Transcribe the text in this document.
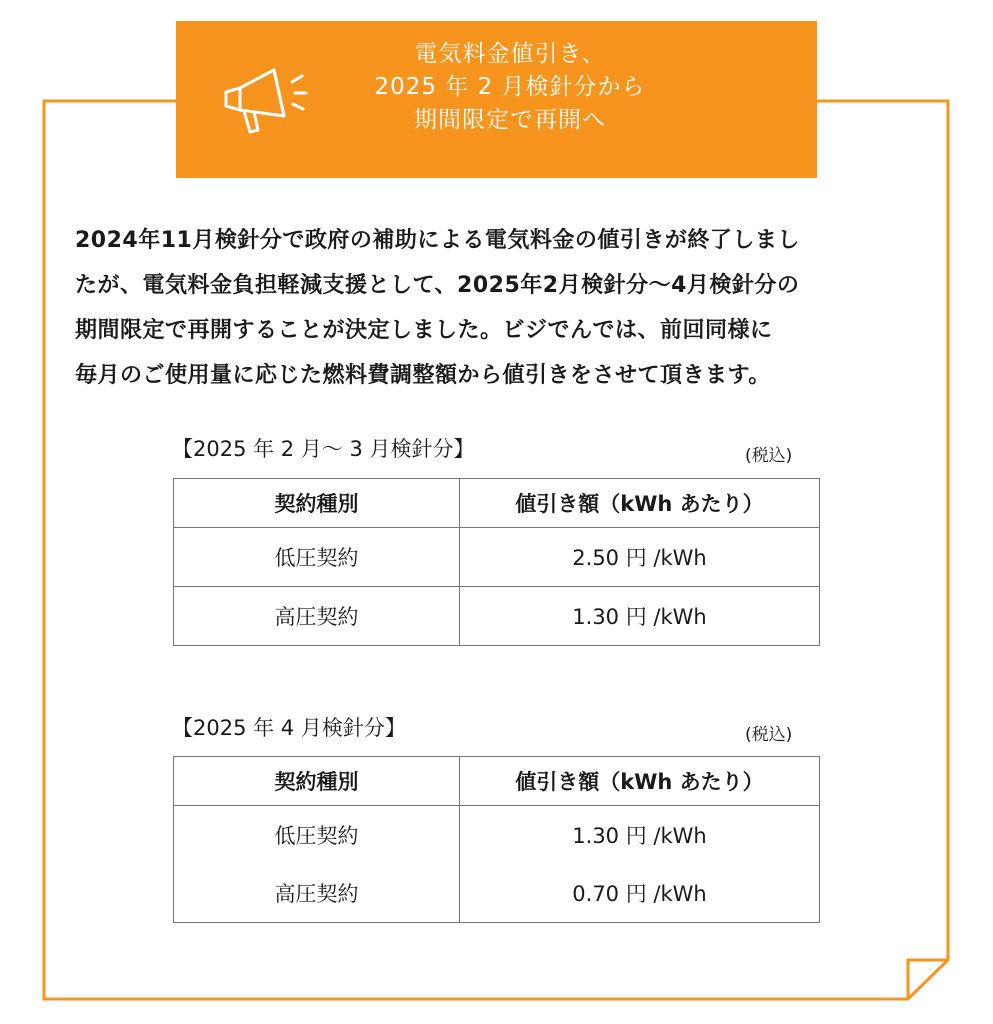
電気料金値引き、
2025 年 2 月検針分から
期間限定で再開へ
2024年11月検針分で政府の補助による電気料金の値引きが終了しまし
たが、電気料金負担軽減支援として、2025年2月検針分〜4月検針分の
期間限定で再開することが決定しました。ビジでんでは、前回同様に
毎月のご使用量に応じた燃料費調整額から値引きをさせて頂きます。
【2025 年 2 月〜 3 月検針分】	(税込)
契約種別	値引き額（kWh あたり）
低圧契約	2.50 円 /kWh
高圧契約	1.30 円 /kWh
【2025 年 4 月検針分】	(税込)
契約種別	値引き額（kWh あたり）
低圧契約	1.30 円 /kWh
高圧契約	0.70 円 /kWh
